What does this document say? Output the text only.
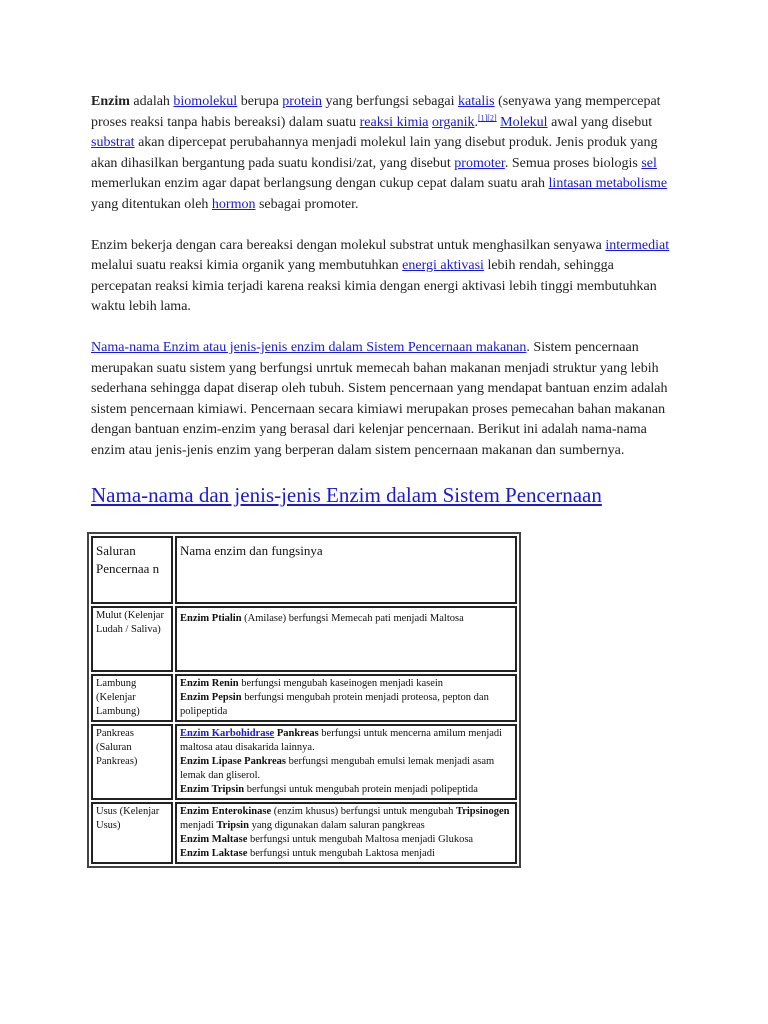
Enzim adalah biomolekul berupa protein yang berfungsi sebagai katalis (senyawa yang mempercepat proses reaksi tanpa habis bereaksi) dalam suatu reaksi kimia organik.[1][2] Molekul awal yang disebut substrat akan dipercepat perubahannya menjadi molekul lain yang disebut produk. Jenis produk yang akan dihasilkan bergantung pada suatu kondisi/zat, yang disebut promoter. Semua proses biologis sel memerlukan enzim agar dapat berlangsung dengan cukup cepat dalam suatu arah lintasan metabolisme yang ditentukan oleh hormon sebagai promoter.

Enzim bekerja dengan cara bereaksi dengan molekul substrat untuk menghasilkan senyawa intermediat melalui suatu reaksi kimia organik yang membutuhkan energi aktivasi lebih rendah, sehingga percepatan reaksi kimia terjadi karena reaksi kimia dengan energi aktivasi lebih tinggi membutuhkan waktu lebih lama.

Nama-nama Enzim atau jenis-jenis enzim dalam Sistem Pencernaan makanan. Sistem pencernaan merupakan suatu sistem yang berfungsi unrtuk memecah bahan makanan menjadi struktur yang lebih sederhana sehingga dapat diserap oleh tubuh. Sistem pencernaan yang mendapat bantuan enzim adalah sistem pencernaan kimiawi. Pencernaan secara kimiawi merupakan proses pemecahan bahan makanan dengan bantuan enzim-enzim yang berasal dari kelenjar pencernaan. Berikut ini adalah nama-nama enzim atau jenis-jenis enzim yang berperan dalam sistem pencernaan makanan dan sumbernya.

Nama-nama dan jenis-jenis Enzim dalam Sistem Pencernaan
Saluran Pencernaa n	Nama enzim dan fungsinya
Mulut (Kelenjar Ludah / Saliva)	Enzim Ptialin (Amilase) berfungsi Memecah pati menjadi Maltosa
Lambung (Kelenjar Lambung)	Enzim Renin berfungsi mengubah kaseinogen menjadi kasein
Enzim Pepsin berfungsi mengubah protein menjadi proteosa, pepton dan polipeptida
Pankreas (Saluran Pankreas)	Enzim Karbohidrase Pankreas berfungsi untuk mencerna amilum menjadi maltosa atau disakarida lainnya.
Enzim Lipase Pankreas berfungsi mengubah emulsi lemak menjadi asam lemak dan gliserol.
Enzim Tripsin berfungsi untuk mengubah protein menjadi polipeptida
Usus (Kelenjar Usus)	Enzim Enterokinase (enzim khusus) berfungsi untuk mengubah Tripsinogen menjadi Tripsin yang digunakan dalam saluran pangkreas
Enzim Maltase berfungsi untuk mengubah Maltosa menjadi Glukosa
Enzim Laktase berfungsi untuk mengubah Laktosa menjadi
